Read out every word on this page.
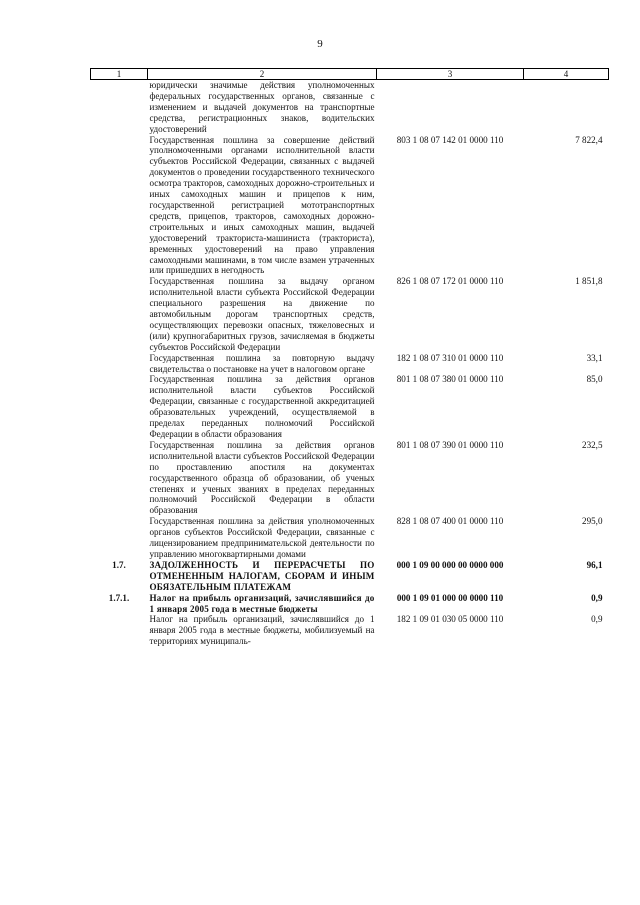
9
1	2	3	4
	юридически значимые действия уполномоченных федеральных государственных органов, связанные с изменением и выдачей документов на транспортные средства, регистрационных знаков, водительских удостоверений		
	Государственная пошлина за совершение действий уполномоченными органами исполнительной власти субъектов Российской Федерации, связанных с выдачей документов о проведении государственного технического осмотра тракторов, самоходных дорожно-строительных и иных самоходных машин и прицепов к ним, государственной регистрацией мототранспортных средств, прицепов, тракторов, самоходных дорожно-строительных и иных самоходных машин, выдачей удостоверений тракториста-машиниста (тракториста), временных удостоверений на право управления самоходными машинами, в том числе взамен утраченных или пришедших в негодность	803 1 08 07 142 01 0000 110	7 822,4
	Государственная пошлина за выдачу органом исполнительной власти субъекта Российской Федерации специального разрешения на движение по автомобильным дорогам транспортных средств, осуществляющих перевозки опасных, тяжеловесных и (или) крупногабаритных грузов, зачисляемая в бюджеты субъектов Российской Федерации	826 1 08 07 172 01 0000 110	1 851,8
	Государственная пошлина за повторную выдачу свидетельства о постановке на учет в налоговом органе	182 1 08 07 310 01 0000 110	33,1
	Государственная пошлина за действия органов исполнительной власти субъектов Российской Федерации, связанные с государственной аккредитацией образовательных учреждений, осуществляемой в пределах переданных полномочий Российской Федерации в области образования	801 1 08 07 380 01 0000 110	85,0
	Государственная пошлина за действия органов исполнительной власти субъектов Российской Федерации по проставлению апостиля на документах государственного образца об образовании, об ученых степенях и ученых званиях в пределах переданных полномочий Российской Федерации в области образования	801 1 08 07 390 01 0000 110	232,5
	Государственная пошлина за действия уполномоченных органов субъектов Российской Федерации, связанные с лицензированием предпринимательской деятельности по управлению многоквартирными домами	828 1 08 07 400 01 0000 110	295,0
1.7.	ЗАДОЛЖЕННОСТЬ И ПЕРЕРАСЧЕТЫ ПО ОТМЕНЕННЫМ НАЛОГАМ, СБОРАМ И ИНЫМ ОБЯЗАТЕЛЬНЫМ ПЛАТЕЖАМ	000 1 09 00 000 00 0000 000	96,1
1.7.1.	Налог на прибыль организаций, зачислявшийся до 1 января 2005 года в местные бюджеты	000 1 09 01 000 00 0000 110	0,9
	Налог на прибыль организаций, зачислявшийся до 1 января 2005 года в местные бюджеты, мобилизуемый на территориях муниципаль-	182 1 09 01 030 05 0000 110	0,9
